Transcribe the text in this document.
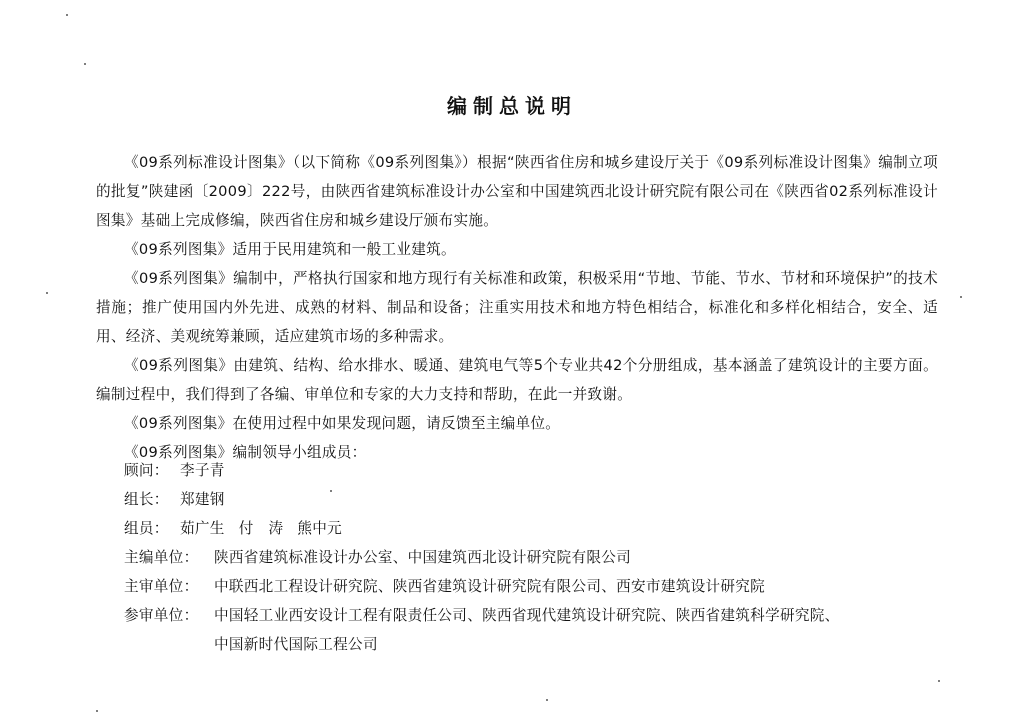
编制总说明

《09系列标准设计图集》（以下简称《09系列图集》）根据“陕西省住房和城乡建设厅关于《09系列标准设计图集》编制立项的批复”陕建函〔2009〕222号，由陕西省建筑标准设计办公室和中国建筑西北设计研究院有限公司在《陕西省02系列标准设计图集》基础上完成修编，陕西省住房和城乡建设厅颁布实施。

《09系列图集》适用于民用建筑和一般工业建筑。

《09系列图集》编制中，严格执行国家和地方现行有关标准和政策，积极采用“节地、节能、节水、节材和环境保护”的技术措施；推广使用国内外先进、成熟的材料、制品和设备；注重实用技术和地方特色相结合，标准化和多样化相结合，安全、适用、经济、美观统筹兼顾，适应建筑市场的多种需求。

《09系列图集》由建筑、结构、给水排水、暖通、建筑电气等5个专业共42个分册组成，基本涵盖了建筑设计的主要方面。编制过程中，我们得到了各编、审单位和专家的大力支持和帮助，在此一并致谢。

《09系列图集》在使用过程中如果发现问题，请反馈至主编单位。

《09系列图集》编制领导小组成员：

顾问： 李子青
组长： 郑建钢
组员： 茹广生 付　涛 熊中元
主编单位： 陕西省建筑标准设计办公室、中国建筑西北设计研究院有限公司
主审单位： 中联西北工程设计研究院、陕西省建筑设计研究院有限公司、西安市建筑设计研究院
参审单位： 中国轻工业西安设计工程有限责任公司、陕西省现代建筑设计研究院、陕西省建筑科学研究院、
中国新时代国际工程公司
